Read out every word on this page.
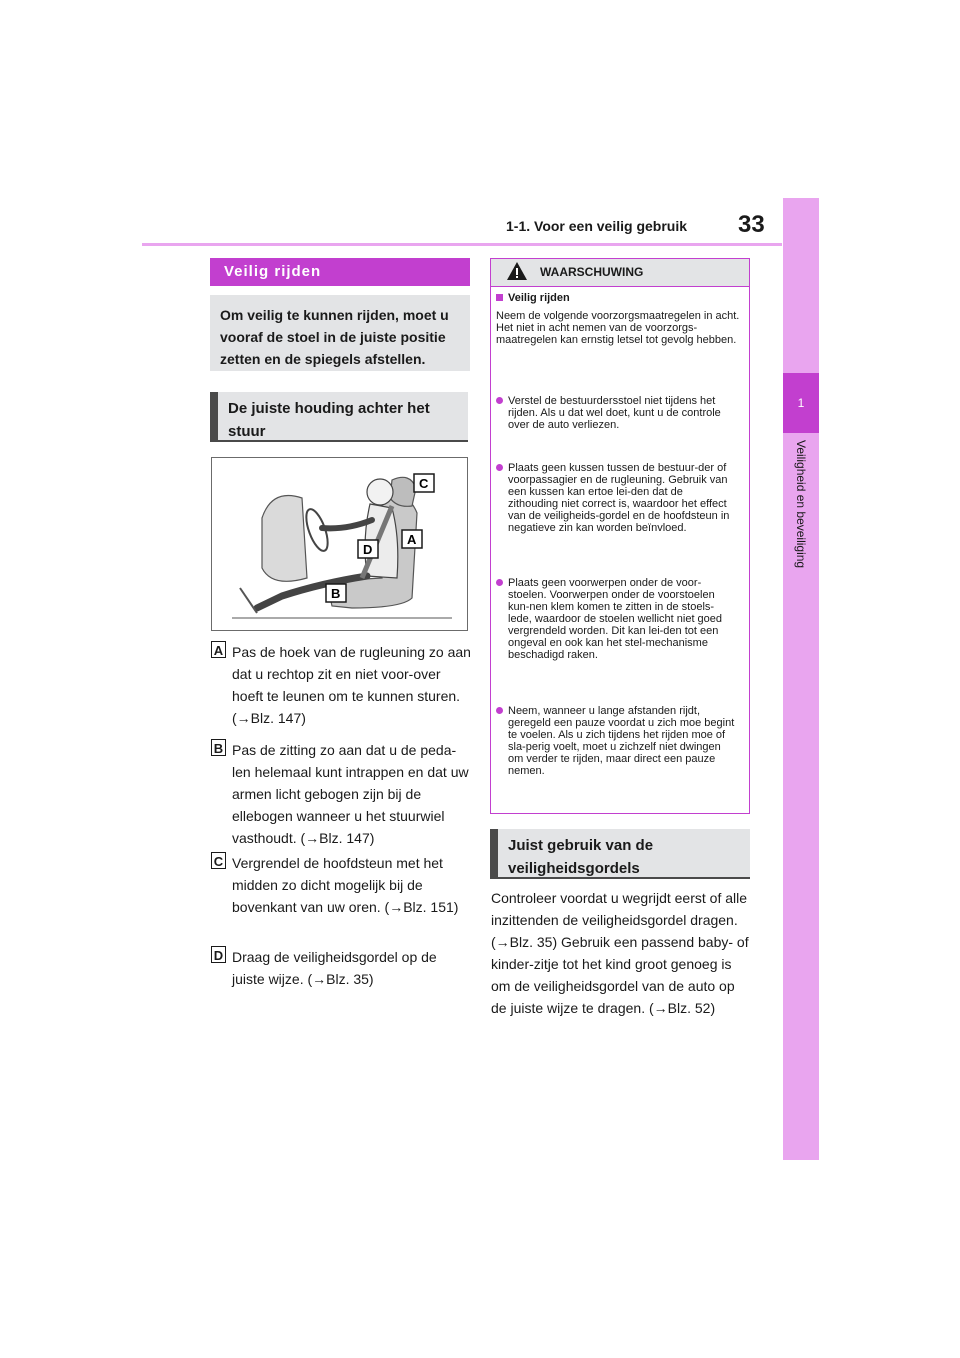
1-1. Voor een veilig gebruik 33
1
Veiligheid en beveiliging
Veilig rijden
Om veilig te kunnen rijden, moet u vooraf de stoel in de juiste positie zetten en de spiegels afstellen.
De juiste houding achter het stuur
C
A
D
B
A Pas de hoek van de rugleuning zo aan dat u rechtop zit en niet voor-over hoeft te leunen om te kunnen sturen. (→Blz. 147)
B Pas de zitting zo aan dat u de peda-len helemaal kunt intrappen en dat uw armen licht gebogen zijn bij de ellebogen wanneer u het stuurwiel vasthoudt. (→Blz. 147)
C Vergrendel de hoofdsteun met het midden zo dicht mogelijk bij de bovenkant van uw oren. (→Blz. 151)
D Draag de veiligheidsgordel op de juiste wijze. (→Blz. 35)
WAARSCHUWING
Veilig rijden
Neem de volgende voorzorgsmaatregelen in acht. Het niet in acht nemen van de voorzorgs-maatregelen kan ernstig letsel tot gevolg hebben.
Verstel de bestuurdersstoel niet tijdens het rijden. Als u dat wel doet, kunt u de controle over de auto verliezen.
Plaats geen kussen tussen de bestuur-der of voorpassagier en de rugleuning. Gebruik van een kussen kan ertoe lei-den dat de zithouding niet correct is, waardoor het effect van de veiligheids-gordel en de hoofdsteun in negatieve zin kan worden beïnvloed.
Plaats geen voorwerpen onder de voor-stoelen. Voorwerpen onder de voorstoelen kun-nen klem komen te zitten in de stoels-lede, waardoor de stoelen wellicht niet goed vergrendeld worden. Dit kan lei-den tot een ongeval en ook kan het stel-mechanisme beschadigd raken.
Neem, wanneer u lange afstanden rijdt, geregeld een pauze voordat u zich moe begint te voelen. Als u zich tijdens het rijden moe of sla-perig voelt, moet u zichzelf niet dwingen om verder te rijden, maar direct een pauze nemen.
Juist gebruik van de veiligheidsgordels
Controleer voordat u wegrijdt eerst of alle inzittenden de veiligheidsgordel dragen. (→Blz. 35) Gebruik een passend baby- of kinder-zitje tot het kind groot genoeg is om de veiligheidsgordel van de auto op de juiste wijze te dragen. (→Blz. 52)
